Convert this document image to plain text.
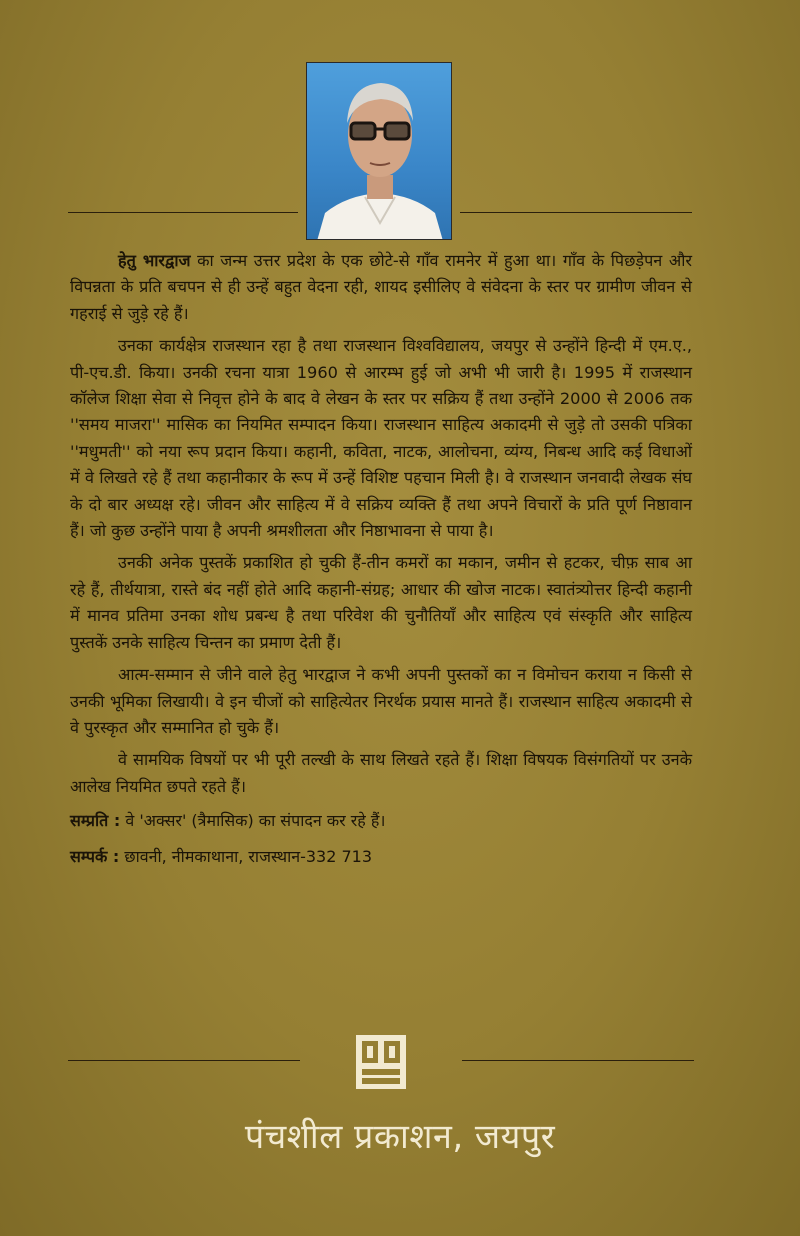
हेतु भारद्वाज का जन्म उत्तर प्रदेश के एक छोटे-से गाँव रामनेर में हुआ था। गाँव के पिछड़ेपन और विपन्नता के प्रति बचपन से ही उन्हें बहुत वेदना रही, शायद इसीलिए वे संवेदना के स्तर पर ग्रामीण जीवन से गहराई से जुड़े रहे हैं।

उनका कार्यक्षेत्र राजस्थान रहा है तथा राजस्थान विश्वविद्यालय, जयपुर से उन्होंने हिन्दी में एम.ए., पी-एच.डी. किया। उनकी रचना यात्रा 1960 से आरम्भ हुई जो अभी भी जारी है। 1995 में राजस्थान कॉलेज शिक्षा सेवा से निवृत्त होने के बाद वे लेखन के स्तर पर सक्रिय हैं तथा उन्होंने 2000 से 2006 तक ''समय माजरा'' मासिक का नियमित सम्पादन किया। राजस्थान साहित्य अकादमी से जुड़े तो उसकी पत्रिका ''मधुमती'' को नया रूप प्रदान किया। कहानी, कविता, नाटक, आलोचना, व्यंग्य, निबन्ध आदि कई विधाओं में वे लिखते रहे हैं तथा कहानीकार के रूप में उन्हें विशिष्ट पहचान मिली है। वे राजस्थान जनवादी लेखक संघ के दो बार अध्यक्ष रहे। जीवन और साहित्य में वे सक्रिय व्यक्ति हैं तथा अपने विचारों के प्रति पूर्ण निष्ठावान हैं। जो कुछ उन्होंने पाया है अपनी श्रमशीलता और निष्ठाभावना से पाया है।

उनकी अनेक पुस्तकें प्रकाशित हो चुकी हैं-तीन कमरों का मकान, जमीन से हटकर, चीफ़ साब आ रहे हैं, तीर्थयात्रा, रास्ते बंद नहीं होते आदि कहानी-संग्रह; आधार की खोज नाटक। स्वातंत्र्योत्तर हिन्दी कहानी में मानव प्रतिमा उनका शोध प्रबन्ध है तथा परिवेश की चुनौतियाँ और साहित्य एवं संस्कृति और साहित्य पुस्तकें उनके साहित्य चिन्तन का प्रमाण देती हैं।

आत्म-सम्मान से जीने वाले हेतु भारद्वाज ने कभी अपनी पुस्तकों का न विमोचन कराया न किसी से उनकी भूमिका लिखायी। वे इन चीजों को साहित्येतर निरर्थक प्रयास मानते हैं। राजस्थान साहित्य अकादमी से वे पुरस्कृत और सम्मानित हो चुके हैं।

वे सामयिक विषयों पर भी पूरी तल्खी के साथ लिखते रहते हैं। शिक्षा विषयक विसंगतियों पर उनके आलेख नियमित छपते रहते हैं।

सम्प्रति : वे 'अक्सर' (त्रैमासिक) का संपादन कर रहे हैं।

सम्पर्क : छावनी, नीमकाथाना, राजस्थान-332 713

पंचशील प्रकाशन, जयपुर
